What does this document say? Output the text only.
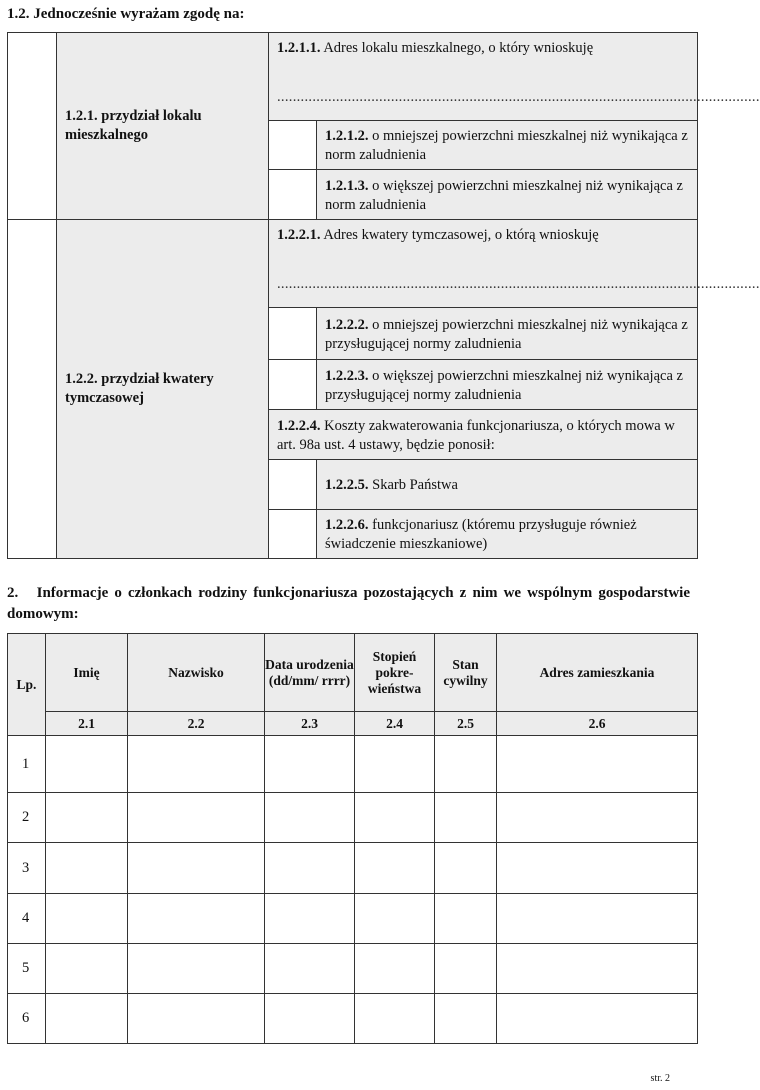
1.2. Jednocześnie wyrażam zgodę na:
	1.2.1. przydział lokalu mieszkalnego	1.2.1.1. Adres lokalu mieszkalnego, o który wnioskuję
...........................................................................................................................	

			1.2.1.2. o mniejszej powierzchni mieszkalnej niż wynikająca z norm zaludnienia
			1.2.1.3. o większej powierzchni mieszkalnej niż wynikająca z norm zaludnienia
	1.2.2. przydział kwatery tymczasowej	1.2.2.1. Adres kwatery tymczasowej, o którą wnioskuję
...........................................................................................................................	

			1.2.2.2. o mniejszej powierzchni mieszkalnej niż wynikająca z przysługującej normy zaludnienia
			1.2.2.3. o większej powierzchni mieszkalnej niż wynikająca z przysługującej normy zaludnienia
		1.2.2.4. Koszty zakwaterowania funkcjonariusza, o których mowa w art. 98a ust. 4 ustawy, będzie ponosił:	
			1.2.2.5. Skarb Państwa
			1.2.2.6. funkcjonariusz (któremu przysługuje również świadczenie mieszkaniowe)
2.   Informacje o członkach rodziny funkcjonariusza pozostających z nim we wspólnym gospodarstwie domowym:
Lp.	Imię	Nazwisko	Data urodzenia (dd/mm/ rrrr)	Stopień pokre-wieństwa	Stan cywilny	Adres zamieszkania
	2.1	2.2	2.3	2.4	2.5	2.6
1						
2						
3						
4						
5						
6						
str. 2
